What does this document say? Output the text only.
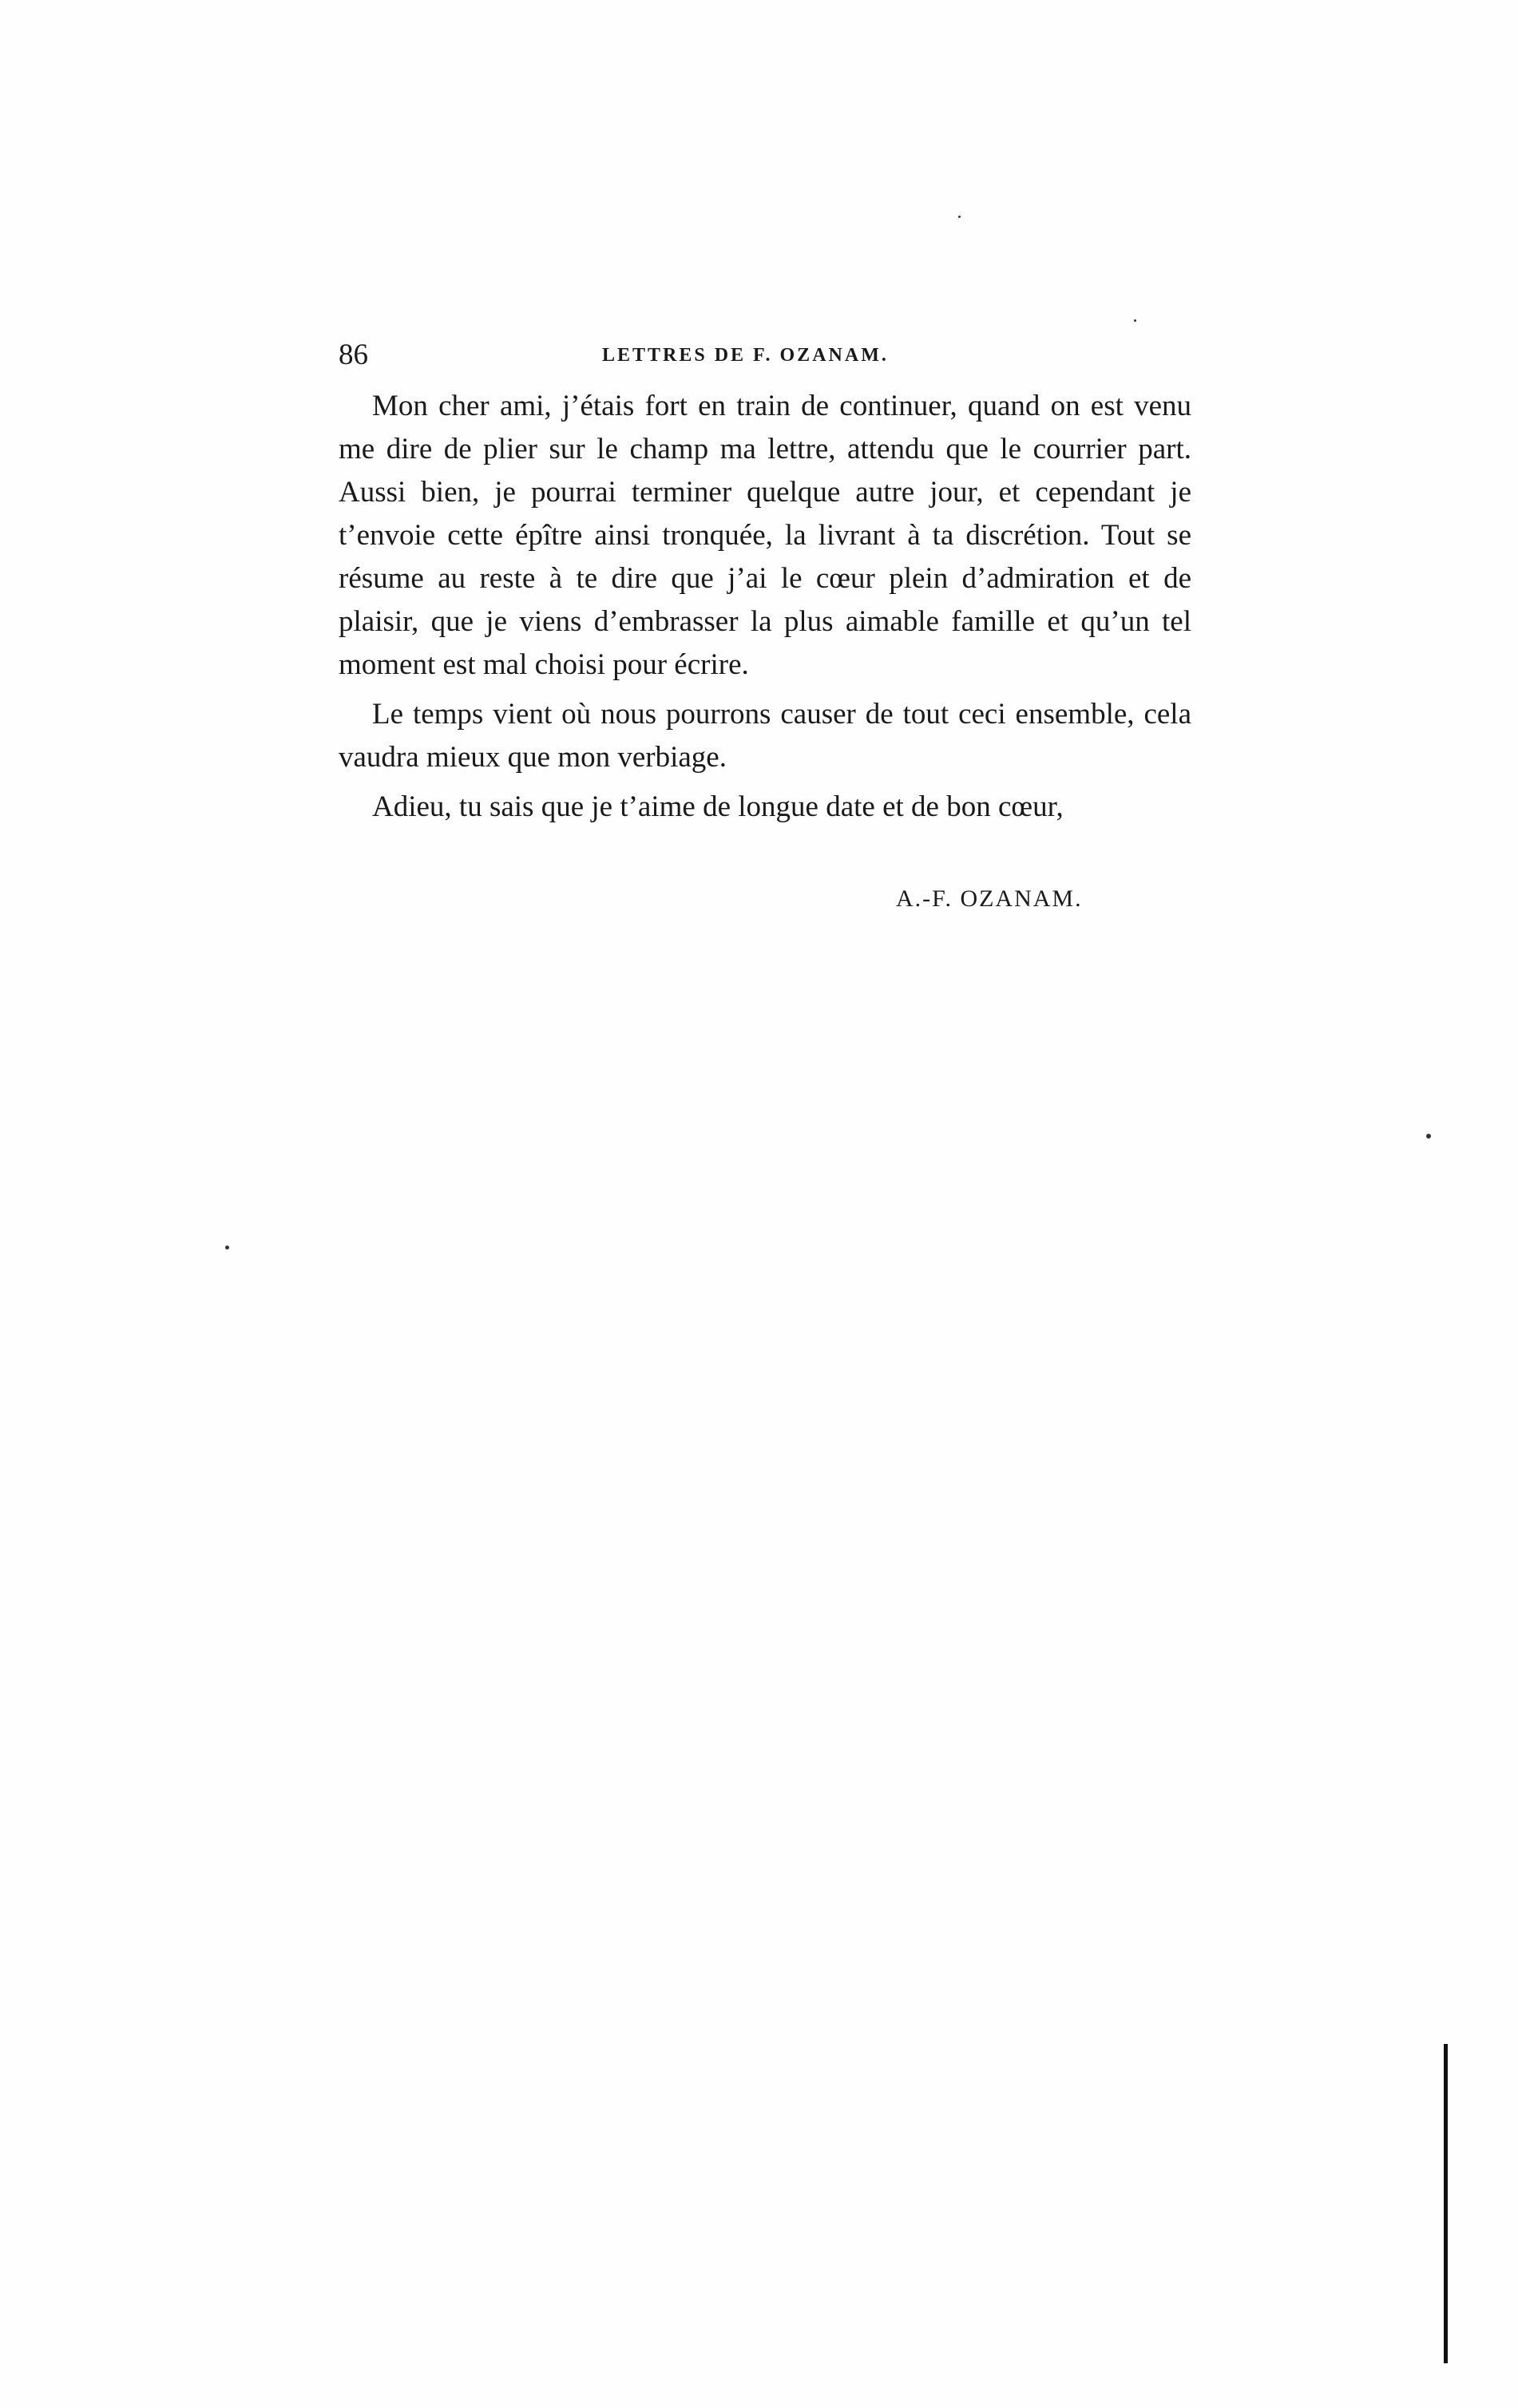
86	LETTRES DE F. OZANAM.

Mon cher ami, j’étais fort en train de continuer, quand on est venu me dire de plier sur le champ ma lettre, attendu que le courrier part. Aussi bien, je pourrai terminer quelque autre jour, et cependant je t’envoie cette épître ainsi tronquée, la livrant à ta discrétion. Tout se résume au reste à te dire que j’ai le cœur plein d’admiration et de plaisir, que je viens d’embrasser la plus aimable famille et qu’un tel moment est mal choisi pour écrire.

Le temps vient où nous pourrons causer de tout ceci ensemble, cela vaudra mieux que mon verbiage.

Adieu, tu sais que je t’aime de longue date et de bon cœur,

A.-F. OZANAM.
